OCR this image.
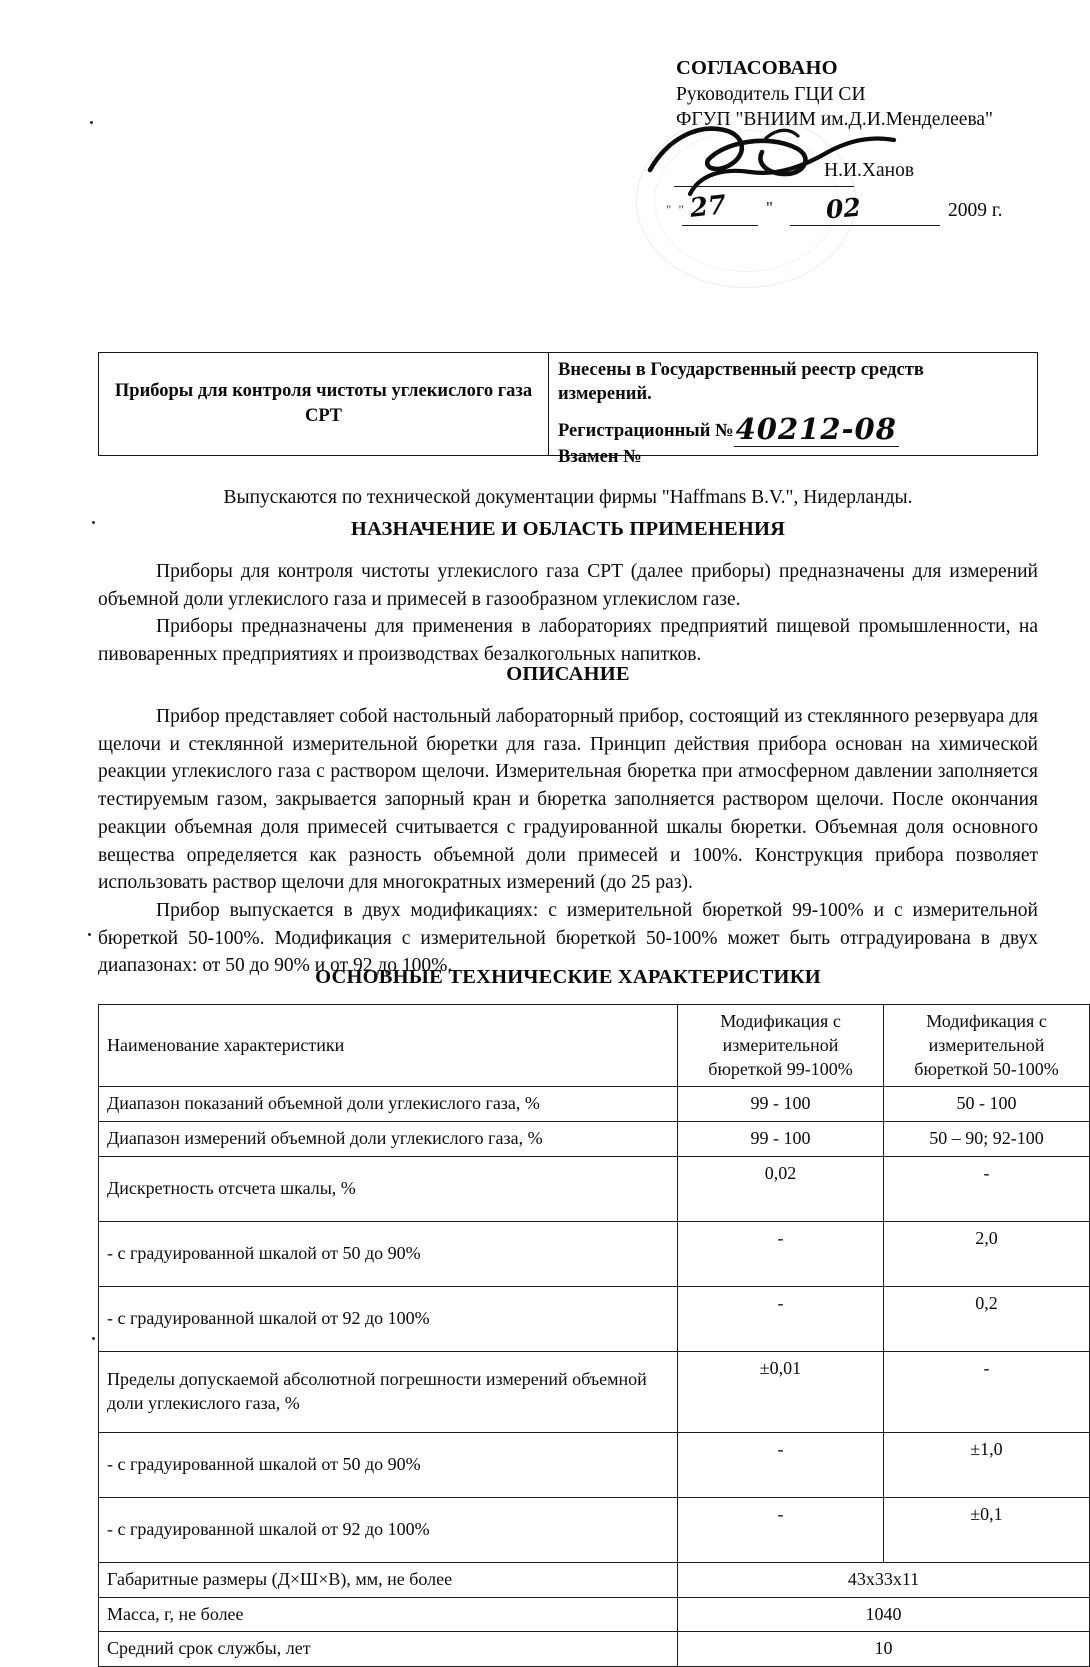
СОГЛАСОВАНО
Руководитель ГЦИ СИ
ФГУП "ВНИИМ им.Д.И.Менделеева"
Н.И.Ханов
" " 27 " 02	2009 г.
Приборы для контроля чистоты углекислого газа CPT
Внесены в Государственный реестр средств
измерений.
Регистрационный №40212-08
Взамен №

Выпускаются по технической документации фирмы "Haffmans B.V.", Нидерланды.

НАЗНАЧЕНИЕ И ОБЛАСТЬ ПРИМЕНЕНИЯ

Приборы для контроля чистоты углекислого газа CPT (далее приборы) предназначены для измерений объемной доли углекислого газа и примесей в газообразном углекислом газе.

Приборы предназначены для применения в лабораториях предприятий пищевой промышленности, на пивоваренных предприятиях и производствах безалкогольных напитков.

ОПИСАНИЕ

Прибор представляет собой настольный лабораторный прибор, состоящий из стеклянного резервуара для щелочи и стеклянной измерительной бюретки для газа. Принцип действия прибора основан на химической реакции углекислого газа с раствором щелочи. Измерительная бюретка при атмосферном давлении заполняется тестируемым газом, закрывается запорный кран и бюретка заполняется раствором щелочи. После окончания реакции объемная доля примесей считывается с градуированной шкалы бюретки. Объемная доля основного вещества определяется как разность объемной доли примесей и 100%. Конструкция прибора позволяет использовать раствор щелочи для многократных измерений (до 25 раз).

Прибор выпускается в двух модификациях: с измерительной бюреткой 99-100% и с измерительной бюреткой 50-100%. Модификация с измерительной бюреткой 50-100% может быть отградуирована в двух диапазонах: от 50 до 90% и от 92 до 100%.

ОСНОВНЫЕ ТЕХНИЧЕСКИЕ ХАРАКТЕРИСТИКИ
Наименование характеристики	Модификация с измерительной бюреткой 99-100%	Модификация с измерительной бюреткой 50-100%
Диапазон показаний объемной доли углекислого газа, %	99 - 100	50 - 100
Диапазон измерений объемной доли углекислого газа, %	99 - 100	50 – 90; 92-100
Дискретность отсчета шкалы, %	0,02	-
- с градуированной шкалой от 50 до 90%	-	2,0
- с градуированной шкалой от 92 до 100%	-	0,2
Пределы допускаемой абсолютной погрешности измерений объемной доли углекислого газа, %	±0,01	-
- с градуированной шкалой от 50 до 90%	-	±1,0
- с градуированной шкалой от 92 до 100%	-	±0,1
Габаритные размеры (Д×Ш×В), мм, не более	43х33х11	
Масса, г, не более	1040	
Средний срок службы, лет	10	
